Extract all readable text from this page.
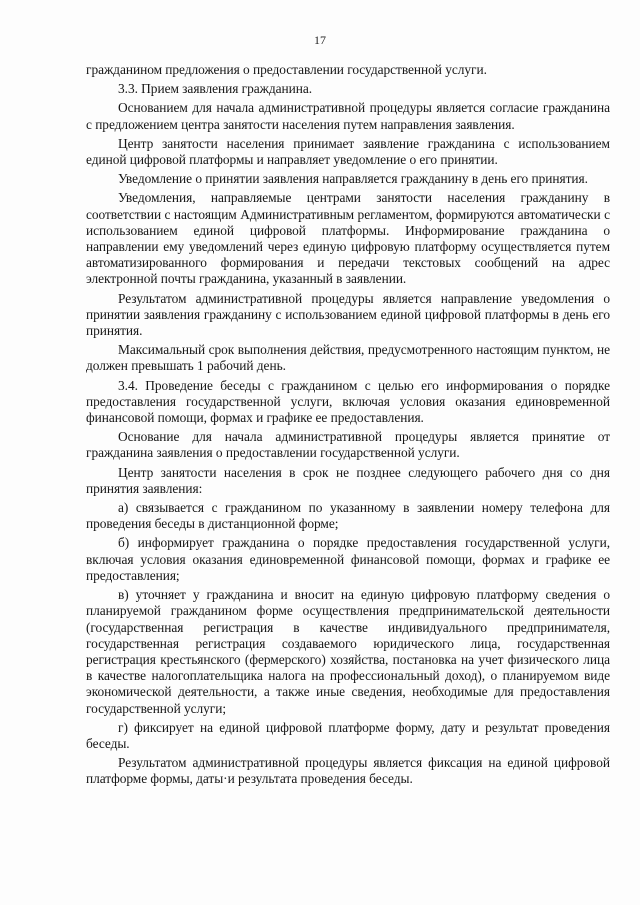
17

гражданином предложения о предоставлении государственной услуги.

3.3. Прием заявления гражданина.

Основанием для начала административной процедуры является согласие гражданина с предложением центра занятости населения путем направления заявления.

Центр занятости населения принимает заявление гражданина с использованием единой цифровой платформы и направляет уведомление о его принятии.

Уведомление о принятии заявления направляется гражданину в день его принятия.

Уведомления, направляемые центрами занятости населения гражданину в соответствии с настоящим Административным регламентом, формируются автоматически с использованием единой цифровой платформы. Информирование гражданина о направлении ему уведомлений через единую цифровую платформу осуществляется путем автоматизированного формирования и передачи текстовых сообщений на адрес электронной почты гражданина, указанный в заявлении.

Результатом административной процедуры является направление уведомления о принятии заявления гражданину с использованием единой цифровой платформы в день его принятия.

Максимальный срок выполнения действия, предусмотренного настоящим пунктом, не должен превышать 1 рабочий день.

3.4. Проведение беседы с гражданином с целью его информирования о порядке предоставления государственной услуги, включая условия оказания единовременной финансовой помощи, формах и графике ее предоставления.

Основание для начала административной процедуры является принятие от гражданина заявления о предоставлении государственной услуги.

Центр занятости населения в срок не позднее следующего рабочего дня со дня принятия заявления:

а) связывается с гражданином по указанному в заявлении номеру телефона для проведения беседы в дистанционной форме;

б) информирует гражданина о порядке предоставления государственной услуги, включая условия оказания единовременной финансовой помощи, формах и графике ее предоставления;

в) уточняет у гражданина и вносит на единую цифровую платформу сведения о планируемой гражданином форме осуществления предпринимательской деятельности (государственная регистрация в качестве индивидуального предпринимателя, государственная регистрация создаваемого юридического лица, государственная регистрация крестьянского (фермерского) хозяйства, постановка на учет физического лица в качестве налогоплательщика налога на профессиональный доход), о планируемом виде экономической деятельности, а также иные сведения, необходимые для предоставления государственной услуги;

г) фиксирует на единой цифровой платформе форму, дату и результат проведения беседы.

Результатом административной процедуры является фиксация на единой цифровой платформе формы, даты·и результата проведения беседы.
